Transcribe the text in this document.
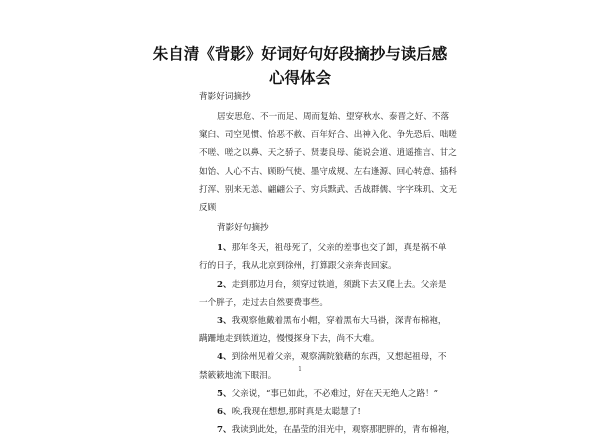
朱自清《背影》好词好句好段摘抄与读后感
心得体会
背影好词摘抄
居安思危、不一而足、周而复始、望穿秋水、泰晋之好、不落
窠臼、司空见惯、恰恶不赦、百年好合、出神入化、争先恐后、咄嗟
不嗟、嗟之以鼻、天之骄子、贤妻良母、能说会道、逍遥推言、甘之
如饴、人心不古、顾盼气使、墨守成规、左右逢源、回心转意、插科
打浑、别来无恙、翩翩公子、穷兵黩武、舌战群儒、字字珠玑、文无
反顾
背影好句摘抄
1、那年冬天，祖母死了，父亲的差事也交了卸，真是祸不单
行的日子，我从北京到徐州，打算跟父亲奔丧回家。
2、走到那边月台，须穿过铁道，须跳下去又爬上去。父亲是
一个胖子，走过去自然要费事些。
3、我观察他戴着黑布小帽，穿着黑布大马褂，深青布棉袍，
蹒跚地走到铁道边，慢慢探身下去，尚不大难。
4、到徐州见着父亲，观察满院狼藉的东西，又想起祖母，不
禁簌簌地流下眼泪。
5、父亲说，“事已如此，不必难过，好在天无绝人之路！”
6、唉,我现在想想,那时真是太聪慧了!
7、我读到此处，在晶莹的泪光中，观察那肥胖的，青布棉袍，
1
